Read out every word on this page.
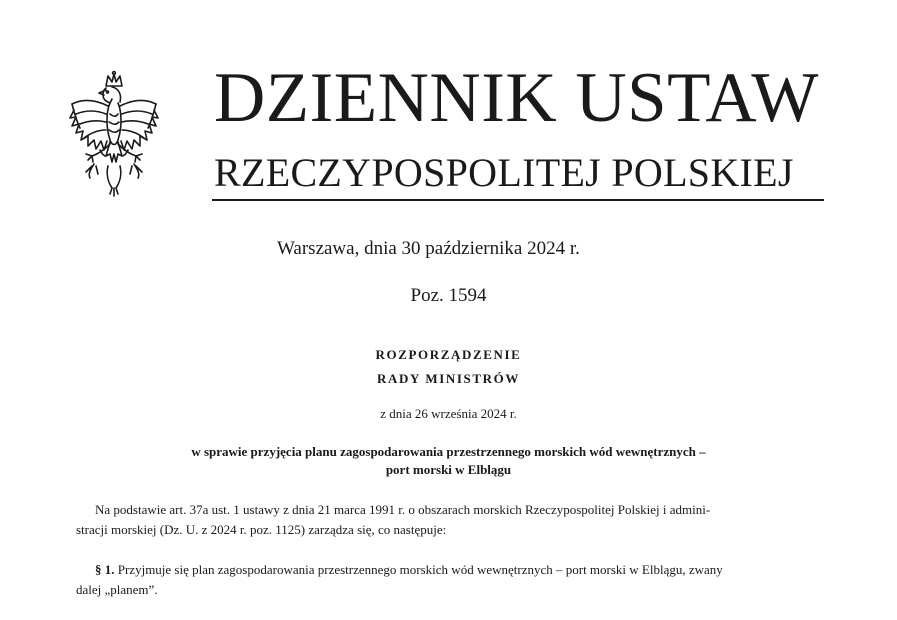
DZIENNIK USTAW
RZECZYPOSPOLITEJ POLSKIEJ
Warszawa, dnia 30 października 2024 r.
Poz. 1594
ROZPORZĄDZENIE
RADY MINISTRÓW
z dnia 26 września 2024 r.
w sprawie przyjęcia planu zagospodarowania przestrzennego morskich wód wewnętrznych –
port morski w Elblągu
Na podstawie art. 37a ust. 1 ustawy z dnia 21 marca 1991 r. o obszarach morskich Rzeczypospolitej Polskiej i admini-
stracji morskiej (Dz. U. z 2024 r. poz. 1125) zarządza się, co następuje:
§ 1. Przyjmuje się plan zagospodarowania przestrzennego morskich wód wewnętrznych – port morski w Elblągu, zwany
dalej „planem”.
